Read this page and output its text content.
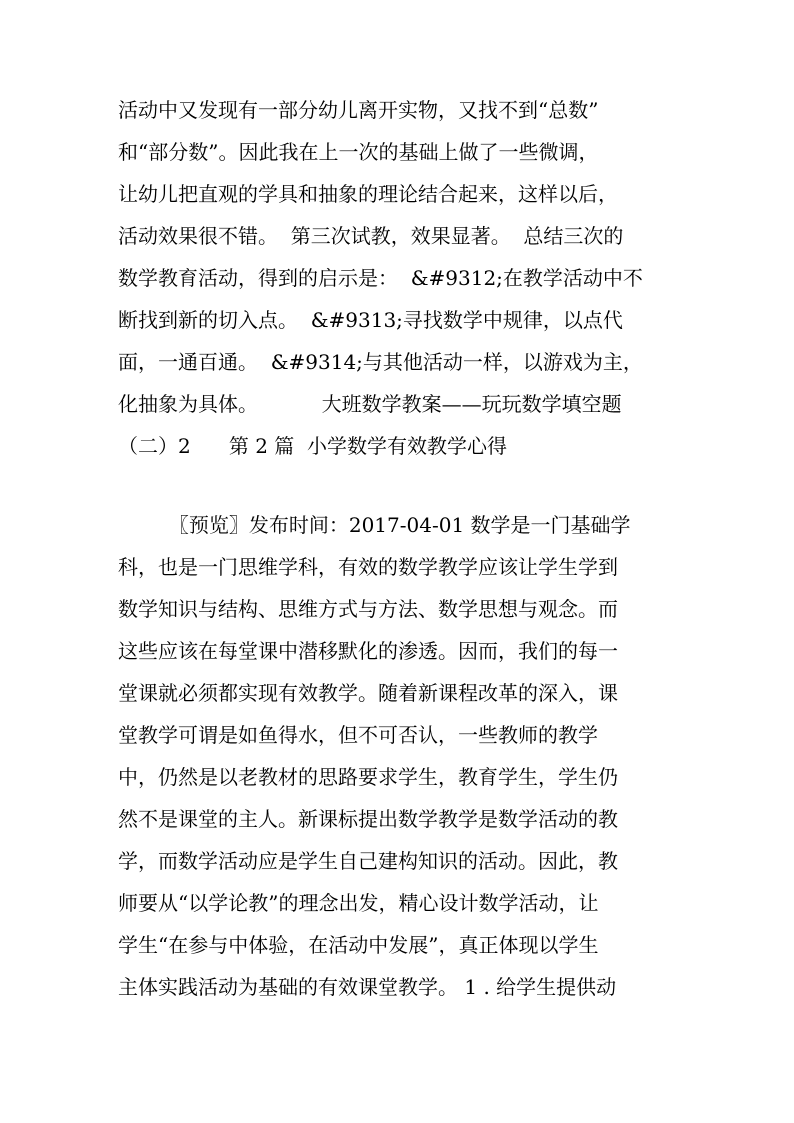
活动中又发现有一部分幼儿离开实物，又找不到“总数”
和“部分数”。因此我在上一次的基础上做了一些微调，
让幼儿把直观的学具和抽象的理论结合起来，这样以后，
活动效果很不错。  第三次试教，效果显著。  总结三次的
数学教育活动，得到的启示是：  &#9312;在教学活动中不
断找到新的切入点。  &#9313;寻找数学中规律，以点代
面，一通百通。  &#9314;与其他活动一样，以游戏为主，
化抽象为具体。          大班数学教案——玩玩数学填空题
（二）2      第 2 篇  小学数学有效教学心得
〖预览〗发布时间：2017-04-01 数学是一门基础学
科，也是一门思维学科，有效的数学教学应该让学生学到
数学知识与结构、思维方式与方法、数学思想与观念。而
这些应该在每堂课中潜移默化的渗透。因而，我们的每一
堂课就必须都实现有效教学。随着新课程改革的深入，课
堂教学可谓是如鱼得水，但不可否认，一些教师的教学
中，仍然是以老教材的思路要求学生，教育学生，学生仍
然不是课堂的主人。新课标提出数学教学是数学活动的教
学，而数学活动应是学生自己建构知识的活动。因此，教
师要从“以学论教”的理念出发，精心设计数学活动，让
学生“在参与中体验，在活动中发展”，真正体现以学生
主体实践活动为基础的有效课堂教学。 1 . 给学生提供动
